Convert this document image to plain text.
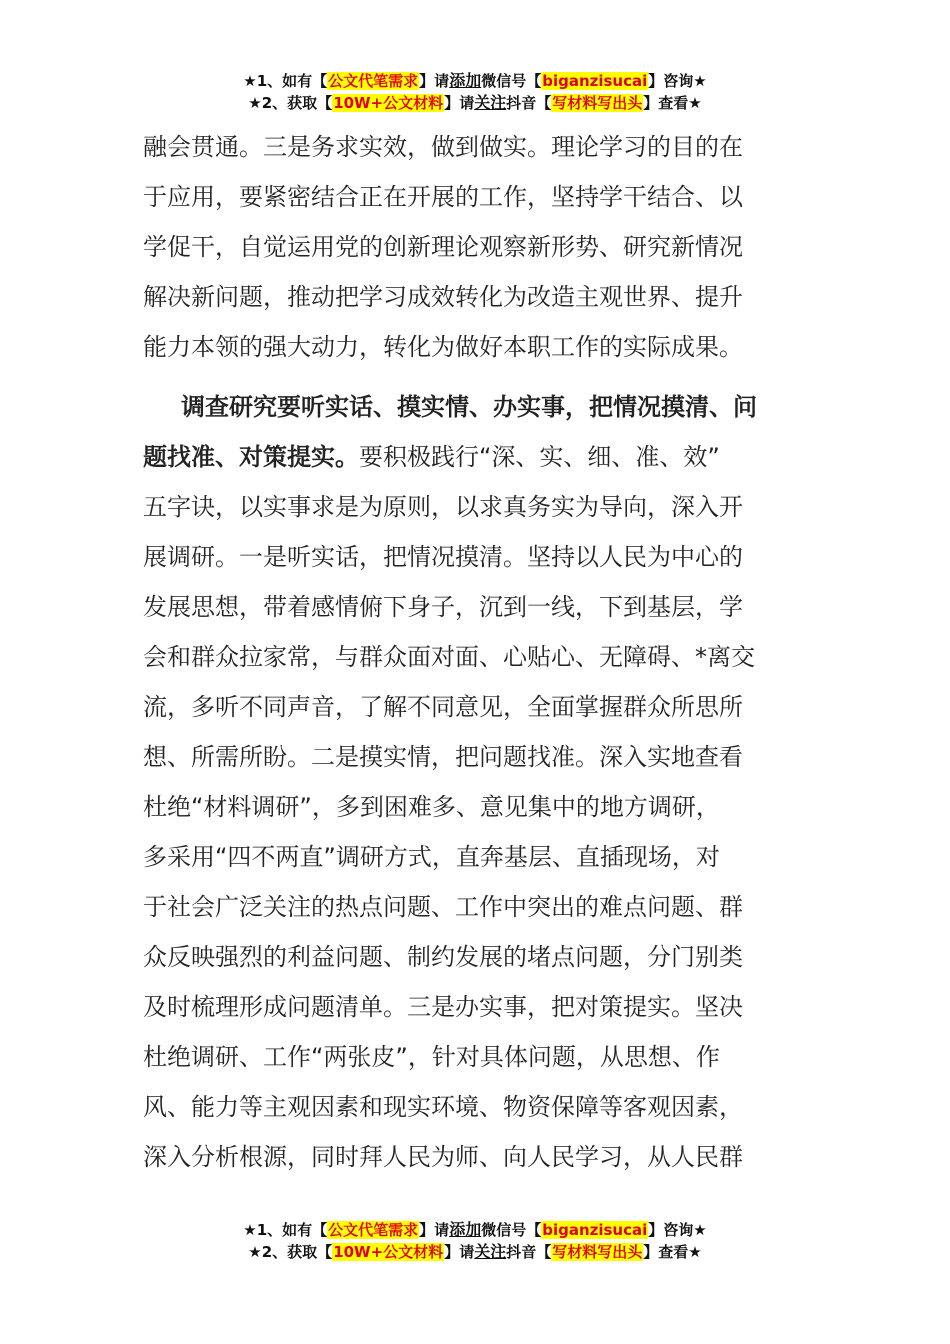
★1、如有【公文代笔需求】请添加微信号【biganzisucai】咨询★
★2、获取【10W+公文材料】请关注抖音【写材料写出头】查看★
融会贯通。三是务求实效，做到做实。理论学习的目的在
于应用，要紧密结合正在开展的工作，坚持学干结合、以
学促干，自觉运用党的创新理论观察新形势、研究新情况
解决新问题，推动把学习成效转化为改造主观世界、提升
能力本领的强大动力，转化为做好本职工作的实际成果。
调查研究要听实话、摸实情、办实事，把情况摸清、问
题找准、对策提实。要积极践行“深、实、细、准、效”
五字诀，以实事求是为原则，以求真务实为导向，深入开
展调研。一是听实话，把情况摸清。坚持以人民为中心的
发展思想，带着感情俯下身子，沉到一线，下到基层，学
会和群众拉家常，与群众面对面、心贴心、无障碍、*离交
流，多听不同声音，了解不同意见，全面掌握群众所思所
想、所需所盼。二是摸实情，把问题找准。深入实地查看
杜绝“材料调研”，多到困难多、意见集中的地方调研，
多采用“四不两直”调研方式，直奔基层、直插现场，对
于社会广泛关注的热点问题、工作中突出的难点问题、群
众反映强烈的利益问题、制约发展的堵点问题，分门别类
及时梳理形成问题清单。三是办实事，把对策提实。坚决
杜绝调研、工作“两张皮”，针对具体问题，从思想、作
风、能力等主观因素和现实环境、物资保障等客观因素，
深入分析根源，同时拜人民为师、向人民学习，从人民群
★1、如有【公文代笔需求】请添加微信号【biganzisucai】咨询★
★2、获取【10W+公文材料】请关注抖音【写材料写出头】查看★
